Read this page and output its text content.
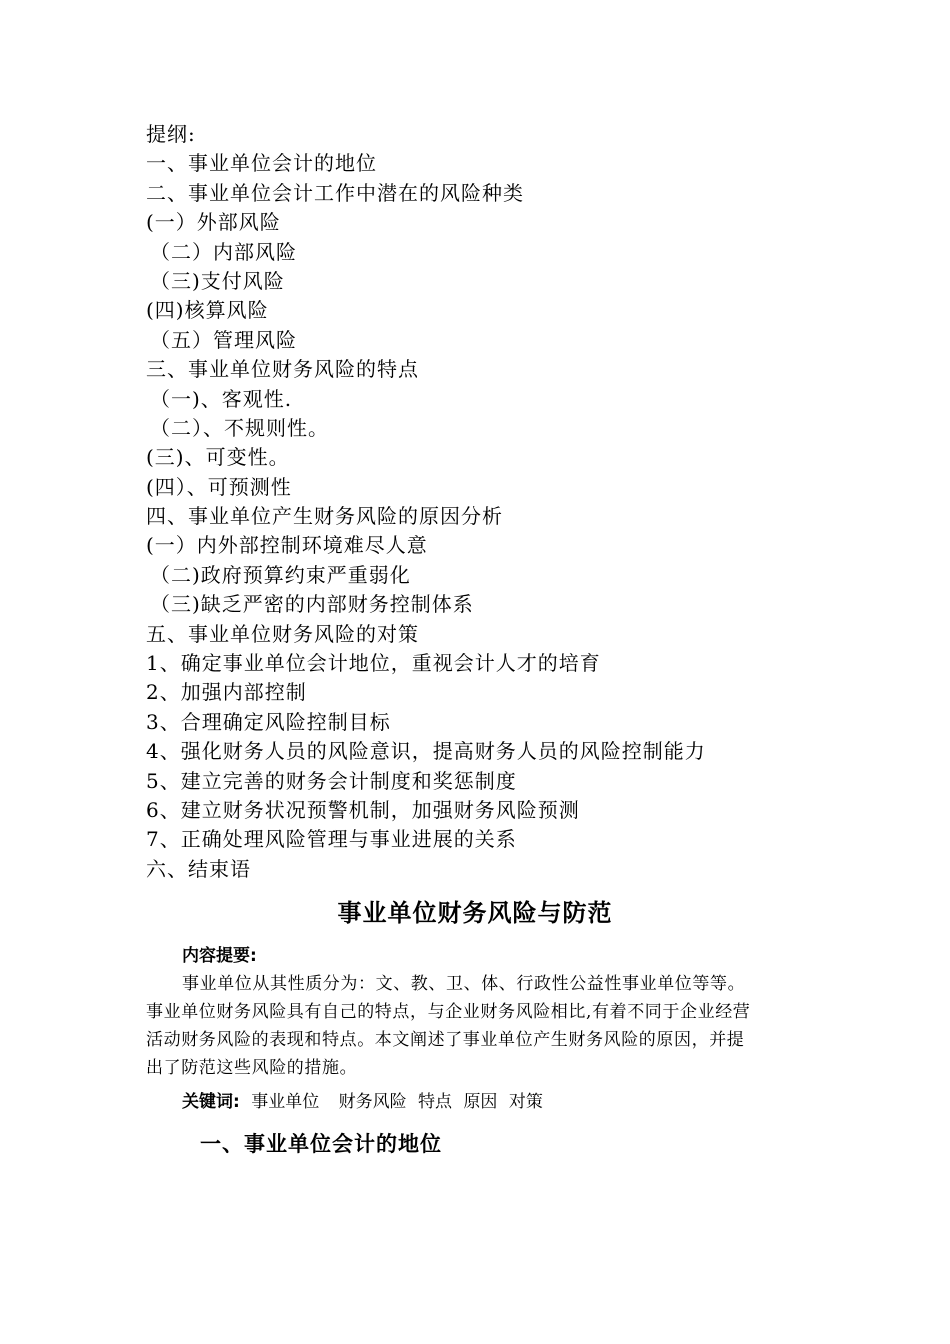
提纲:
一、事业单位会计的地位
二、事业单位会计工作中潜在的风险种类
(一）外部风险
（二）内部风险
（三)支付风险
(四)核算风险
（五）管理风险
三、事业单位财务风险的特点
（一)、客观性.
（二）、不规则性。
(三)、可变性。
(四）、可预测性
四、事业单位产生财务风险的原因分析
(一）内外部控制环境难尽人意
（二)政府预算约束严重弱化
（三)缺乏严密的内部财务控制体系
五、事业单位财务风险的对策
1、确定事业单位会计地位，重视会计人才的培育
2、加强内部控制
3、合理确定风险控制目标
4、强化财务人员的风险意识，提高财务人员的风险控制能力
5、建立完善的财务会计制度和奖惩制度
6、建立财务状况预警机制，加强财务风险预测
7、正确处理风险管理与事业进展的关系
六、结束语
事业单位财务风险与防范
内容提要:
事业单位从其性质分为：文、教、卫、体、行政性公益性事业单位等等。
事业单位财务风险具有自己的特点，与企业财务风险相比,有着不同于企业经营
活动财务风险的表现和特点。本文阐述了事业单位产生财务风险的原因，并提
出了防范这些风险的措施。
关键词: 事业单位 财务风险 特点 原因 对策
一、事业单位会计的地位
